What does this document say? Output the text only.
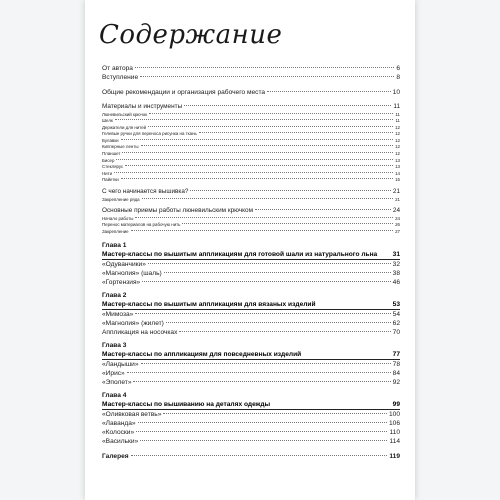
Содержание
От автора	6
Вступление	8
Общие рекомендации и организация рабочего места	10
Материалы и инструменты	11
Люневильский крючок	11
Шелк	11
Держатели для нитей	12
Гелевые ручки для переноса рисунка на ткань	12
Булавки	12
Кипперные ленты	12
Планшет	12
Бисер	13
Стеклярус	13
Нити	14
Пайетки	15
С чего начинается вышивка?	21
Закрепление ряда	21
Основные приемы работы люневильским крючком	24
Начало работы	24
Перенос материалов на рабочую нить	26
Закрепление	27
Глава 1
Мастер-классы по вышитым аппликациям для готовой шали из натурального льна 31
«Одуванчики»	32
«Магнолия» (шаль)	38
«Гортензия»	46
Глава 2
Мастер-классы по вышитым аппликациям для вязаных изделий	53
«Мимоза»	54
«Магнолия» (жилет)	62
Аппликация на носочках	70
Глава 3
Мастер-классы по аппликациям для повседневных изделий	77
«Ландыши»	78
«Ирис»	84
«Эполет»	92
Глава 4
Мастер-классы по вышиванию на деталях одежды	99
«Оливковая ветвь»	100
«Лаванда»	106
«Колоски»	110
«Васильки»	114
Галерея	119
